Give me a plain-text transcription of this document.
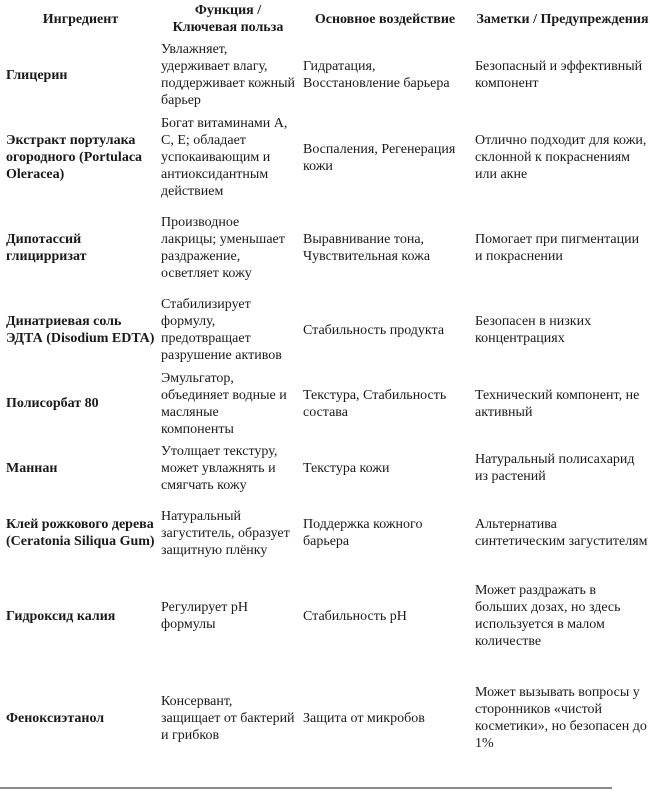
Ингредиент	Функция / Ключевая польза	Основное воздействие	Заметки / Предупреждения
Глицерин	Увлажняет, удерживает влагу, поддерживает кожный барьер	Гидратация, Восстановление барьера	Безопасный и эффективный компонент
Экстракт портулака огородного (Portulaca Oleracea)	Богат витаминами A, C, E; обладает успокаивающим и антиоксидантным действием	Воспаления, Регенерация кожи	Отлично подходит для кожи, склонной к покраснениям или акне
Дипотассий глицирризат	Производное лакрицы; уменьшает раздражение, осветляет кожу	Выравнивание тона, Чувствительная кожа	Помогает при пигментации и покраснении
Динатриевая соль ЭДТА (Disodium EDTA)	Стабилизирует формулу, предотвращает разрушение активов	Стабильность продукта	Безопасен в низких концентрациях
Полисорбат 80	Эмульгатор, объединяет водные и масляные компоненты	Текстура, Стабильность состава	Технический компонент, не активный
Маннан	Утолщает текстуру, может увлажнять и смягчать кожу	Текстура кожи	Натуральный полисахарид из растений
Клей рожкового дерева (Ceratonia Siliqua Gum)	Натуральный загуститель, образует защитную плёнку	Поддержка кожного барьера	Альтернатива синтетическим загустителям
Гидроксид калия	Регулирует pH формулы	Стабильность pH	Может раздражать в больших дозах, но здесь используется в малом количестве
Феноксиэтанол	Консервант, защищает от бактерий и грибков	Защита от микробов	Может вызывать вопросы у сторонников «чистой косметики», но безопасен до 1%
